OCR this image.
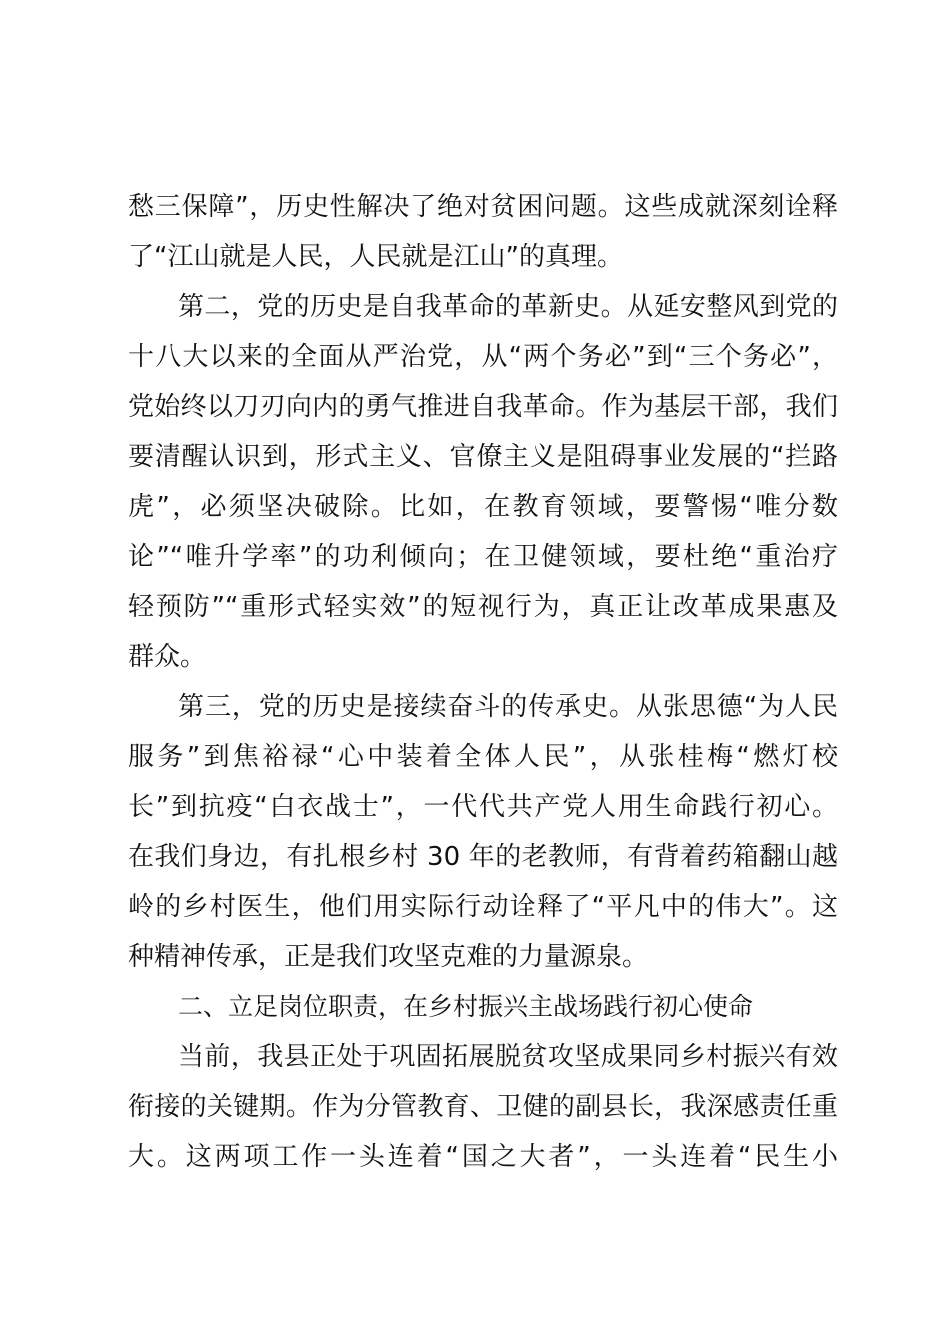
愁三保障”，历史性解决了绝对贫困问题。这些成就深刻诠释
了“江山就是人民，人民就是江山”的真理。
第二，党的历史是自我革命的革新史。从延安整风到党的
十八大以来的全面从严治党，从“两个务必”到“三个务必”，
党始终以刀刃向内的勇气推进自我革命。作为基层干部，我们
要清醒认识到，形式主义、官僚主义是阻碍事业发展的“拦路
虎”，必须坚决破除。比如，在教育领域，要警惕“唯分数
论”“唯升学率”的功利倾向；在卫健领域，要杜绝“重治疗
轻预防”“重形式轻实效”的短视行为，真正让改革成果惠及
群众。
第三，党的历史是接续奋斗的传承史。从张思德“为人民
服务”到焦裕禄“心中装着全体人民”，从张桂梅“燃灯校
长”到抗疫“白衣战士”，一代代共产党人用生命践行初心。
在我们身边，有扎根乡村 30 年的老教师，有背着药箱翻山越
岭的乡村医生，他们用实际行动诠释了“平凡中的伟大”。这
种精神传承，正是我们攻坚克难的力量源泉。
二、立足岗位职责，在乡村振兴主战场践行初心使命
当前，我县正处于巩固拓展脱贫攻坚成果同乡村振兴有效
衔接的关键期。作为分管教育、卫健的副县长，我深感责任重
大。这两项工作一头连着“国之大者”，一头连着“民生小
